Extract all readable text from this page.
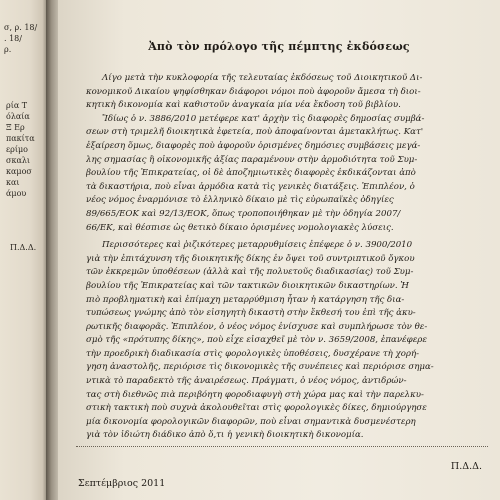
σ, ρ. 18/
. 18/
ρ.
ρία Τ
όλαία
Ξ Ερ
πακίτα
ερίμο
σκαλι
καμοσ
και
άμου
Π.Δ.Δ.
Ἀπὸ τὸν πρόλογο τῆς πέμπτης ἐκδόσεως

Λίγο μετὰ τὴν κυκλοφορία τῆς τελευταίας ἐκδόσεως τοῦ Διοικητικοῦ Δι-
κονομικοῦ Δικαίου ψηφίσθηκαν διάφοροι νόμοι ποὺ ἀφοροῦν ἄμεσα τὴ διοι-
κητικὴ δικονομία καὶ καθιστοῦν ἀναγκαία μία νέα ἔκδοση τοῦ βιβλίου.

Ἴδίως ὁ ν. 3886/2010 μετέφερε κατ' ἀρχὴν τὶς διαφορὲς δημοσίας συμβά-
σεων στὴ τριμελῆ διοικητικὰ ἐφετεία, ποὺ ἀποφαίνονται ἀμετακλήτως. Κατ'
ἐξαίρεση ὅμως, διαφορὲς ποὺ ἀφοροῦν ὁρισμένες δημόσιες συμβάσεις μεγά-
λης σημασίας ἢ οἰκονομικῆς ἀξίας παραμένουν στὴν ἁρμοδιότητα τοῦ Συμ-
βουλίου τῆς Ἐπικρατείας, οἱ δὲ ἀποζημιωτικὲς διαφορὲς ἐκδικάζονται ἀπὸ
τὰ δικαστήρια, ποὺ εἶναι ἁρμόδια κατὰ τὶς γενικὲς διατάξεις. Ἐπιπλέον, ὁ
νέος νόμος ἐναρμόνισε τὸ ἑλληνικὸ δίκαιο μὲ τὶς εὐρωπαϊκὲς ὁδηγίες
89/665/ΕΟΚ καὶ 92/13/ΕΟΚ, ὅπως τροποποιήθηκαν μὲ τὴν ὁδηγία 2007/
66/ΕΚ, καὶ θέσπισε ὡς θετικὸ δίκαιο ὁρισμένες νομολογιακὲς λύσεις.

Περισσότερες καὶ ῥιζικότερες μεταρρυθμίσεις ἐπέφερε ὁ ν. 3900/2010
γιὰ τὴν ἐπιτάχυνση τῆς διοικητικῆς δίκης ἐν ὄψει τοῦ συντριπτικοῦ ὄγκου
τῶν ἐκκρεμῶν ὑποθέσεων (ἀλλὰ καὶ τῆς πολυετοῦς διαδικασίας) τοῦ Συμ-
βουλίου τῆς Ἐπικρατείας καὶ τῶν τακτικῶν διοικητικῶν δικαστηρίων. Ἡ
πιὸ προβληματικὴ καὶ ἐπίμαχη μεταρρύθμιση ἦταν ἡ κατάργηση τῆς δια-
τυπώσεως γνώμης ἀπὸ τὸν εἰσηγητὴ δικαστὴ στὴν ἔκθεσή του ἐπὶ τῆς ἀκυ-
ρωτικῆς διαφορᾶς. Ἐπιπλέον, ὁ νέος νόμος ἐνίσχυσε καὶ συμπλήρωσε τὸν θε-
σμὸ τῆς «πρότυπης δίκης», ποὺ εἶχε εἰσαχθεῖ μὲ τὸν ν. 3659/2008, ἐπανέφερε
τὴν προεδρικὴ διαδικασία στὶς φορολογικὲς ὑποθέσεις, δυσχέρανε τὴ χορή-
γηση ἀναστολῆς, περιόρισε τὶς δικονομικὲς τῆς συνέπειες καὶ περιόρισε σημα-
ντικὰ τὸ παραδεκτὸ τῆς ἀναιρέσεως. Πράγματι, ὁ νέος νόμος, ἀντιδρών-
τας στὴ διεθνῶς πιὰ περιβόητη φοροδιαφυγὴ στὴ χώρα μας καὶ τὴν παρελκυ-
στικὴ τακτικὴ ποὺ συχνὰ ἀκολουθεῖται στὶς φορολογικὲς δίκες, δημιούργησε
μία δικονομία φορολογικῶν διαφορῶν, ποὺ εἶναι σημαντικὰ δυσμενέστερη
γιὰ τὸν ἰδιώτη διάδικο ἀπὸ ὅ,τι ἡ γενικὴ διοικητικὴ δικονομία.

Π.Δ.Δ.
Σεπτέμβριος 2011
